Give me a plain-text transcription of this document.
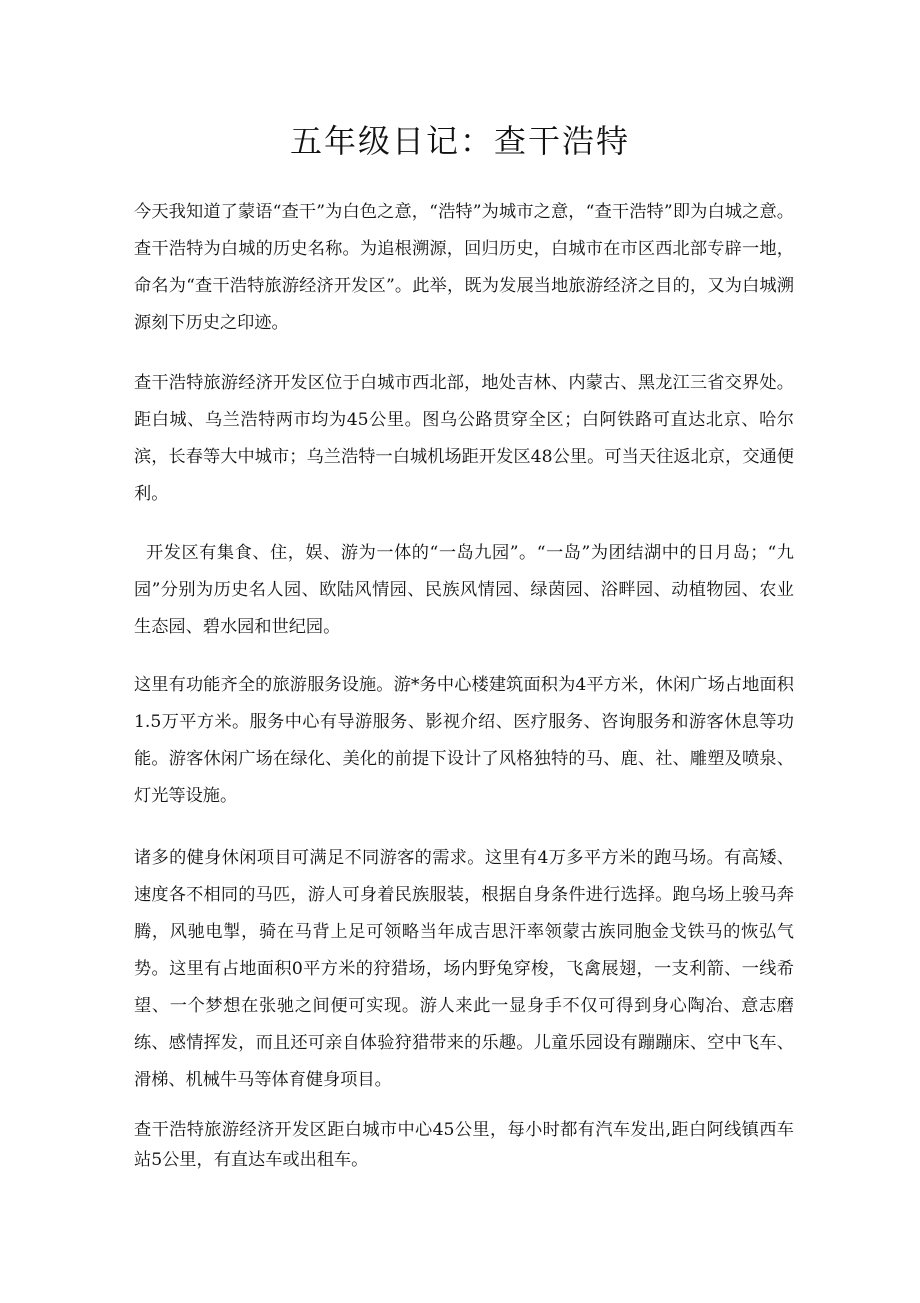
五年级日记：查干浩特

今天我知道了蒙语“查干”为白色之意，“浩特”为城市之意，“查干浩特”即为白城之意。查干浩特为白城的历史名称。为追根溯源，回归历史，白城市在市区西北部专辟一地，命名为“查干浩特旅游经济开发区”。此举，既为发展当地旅游经济之目的，又为白城溯源刻下历史之印迹。

查干浩特旅游经济开发区位于白城市西北部，地处吉林、内蒙古、黑龙江三省交界处。距白城、乌兰浩特两市均为45公里。图乌公路贯穿全区；白阿铁路可直达北京、哈尔滨，长春等大中城市；乌兰浩特一白城机场距开发区48公里。可当天往返北京，交通便利。

开发区有集食、住，娱、游为一体的“一岛九园”。“一岛”为团结湖中的日月岛；“九园”分别为历史名人园、欧陆风情园、民族风情园、绿茵园、浴畔园、动植物园、农业生态园、碧水园和世纪园。

这里有功能齐全的旅游服务设施。游*务中心楼建筑面积为4平方米，休闲广场占地面积1.5万平方米。服务中心有导游服务、影视介绍、医疗服务、咨询服务和游客休息等功能。游客休闲广场在绿化、美化的前提下设计了风格独特的马、鹿、社、雕塑及喷泉、灯光等设施。

诸多的健身休闲项目可满足不同游客的需求。这里有4万多平方米的跑马场。有高矮、速度各不相同的马匹，游人可身着民族服装，根据自身条件进行选择。跑乌场上骏马奔腾，风驰电掣，骑在马背上足可领略当年成吉思汗率领蒙古族同胞金戈铁马的恢弘气势。这里有占地面积0平方米的狩猎场，场内野兔穿梭，飞禽展翅，一支利箭、一线希望、一个梦想在张驰之间便可实现。游人来此一显身手不仅可得到身心陶冶、意志磨练、感情挥发，而且还可亲自体验狩猎带来的乐趣。儿童乐园设有蹦蹦床、空中飞车、滑梯、机械牛马等体育健身项目。

查干浩特旅游经济开发区距白城市中心45公里，每小时都有汽车发出,距白阿线镇西车站5公里，有直达车或出租车。
